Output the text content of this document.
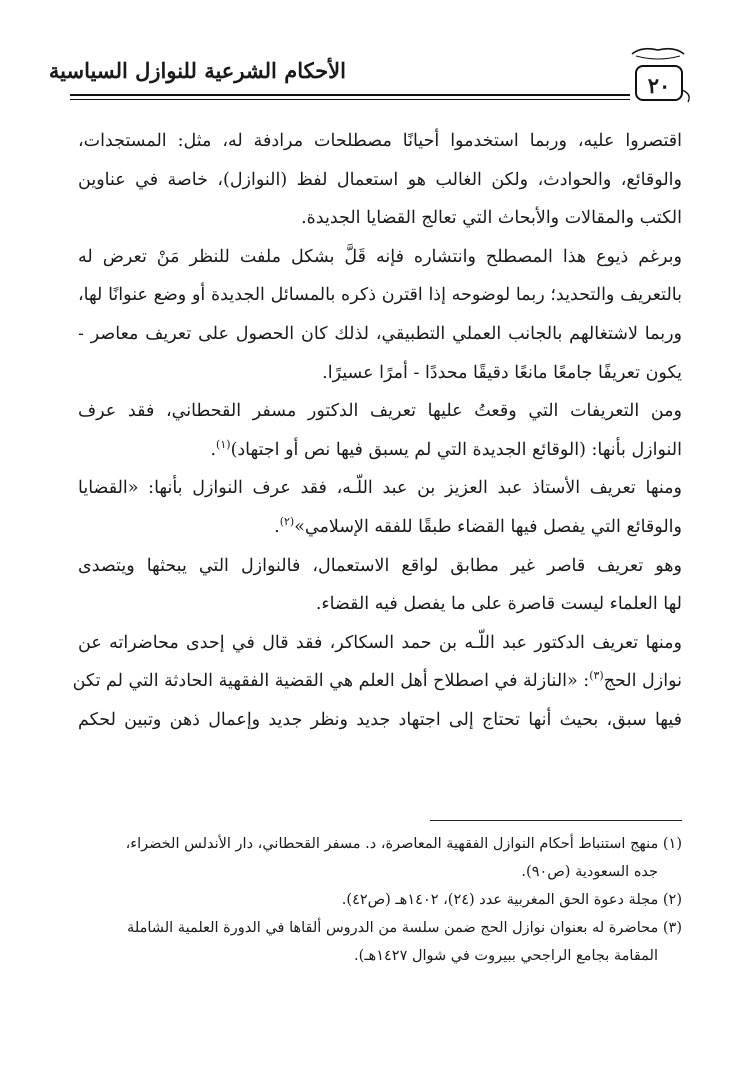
الأحكام الشرعية للنوازل السياسية
٢٠

اقتصروا عليه، وربما استخدموا أحيانًا مصطلحات مرادفة له، مثل: المستجدات،
والوقائع، والحوادث، ولكن الغالب هو استعمال لفظ (النوازل)، خاصة في عناوين
الكتب والمقالات والأبحاث التي تعالج القضايا الجديدة.

وبرغم ذيوع هذا المصطلح وانتشاره فإنه قَلَّ بشكل ملفت للنظر مَنْ تعرض له
بالتعريف والتحديد؛ ربما لوضوحه إذا اقترن ذكره بالمسائل الجديدة أو وضع عنوانًا لها،
وربما لاشتغالهم بالجانب العملي التطبيقي، لذلك كان الحصول على تعريف معاصر -
يكون تعريفًا جامعًا مانعًا دقيقًا محددًا - أمرًا عسيرًا.

ومن التعريفات التي وقعتُ عليها تعريف الدكتور مسفر القحطاني، فقد عرف
النوازل بأنها: (الوقائع الجديدة التي لم يسبق فيها نص أو اجتهاد)$^{(١)}$.

ومنها تعريف الأستاذ عبد العزيز بن عبد اللّـه، فقد عرف النوازل بأنها: «القضايا
والوقائع التي يفصل فيها القضاء طبقًا للفقه الإسلامي»$^{(٢)}$.

وهو تعريف قاصر غير مطابق لواقع الاستعمال، فالنوازل التي يبحثها ويتصدى
لها العلماء ليست قاصرة على ما يفصل فيه القضاء.

ومنها تعريف الدكتور عبد اللّـه بن حمد السكاكر، فقد قال في إحدى محاضراته عن
نوازل الحج$^{(٣)}$: «النازلة في اصطلاح أهل العلم هي القضية الفقهية الحادثة التي لم تكن
فيها سبق، بحيث أنها تحتاج إلى اجتهاد جديد ونظر جديد وإعمال ذهن وتبين لحكم

(١) منهج استنباط أحكام النوازل الفقهية المعاصرة، د. مسفر القحطاني، دار الأندلس الخضراء،
جده السعودية (ص٩٠).

(٢) مجلة دعوة الحق المغربية عدد (٢٤)، ١٤٠٢هـ (ص٤٢).

(٣) محاضرة له بعنوان نوازل الحج ضمن سلسة من الدروس ألقاها في الدورة العلمية الشاملة
المقامة بجامع الراجحي ببيروت في شوال ١٤٢٧هـ).
